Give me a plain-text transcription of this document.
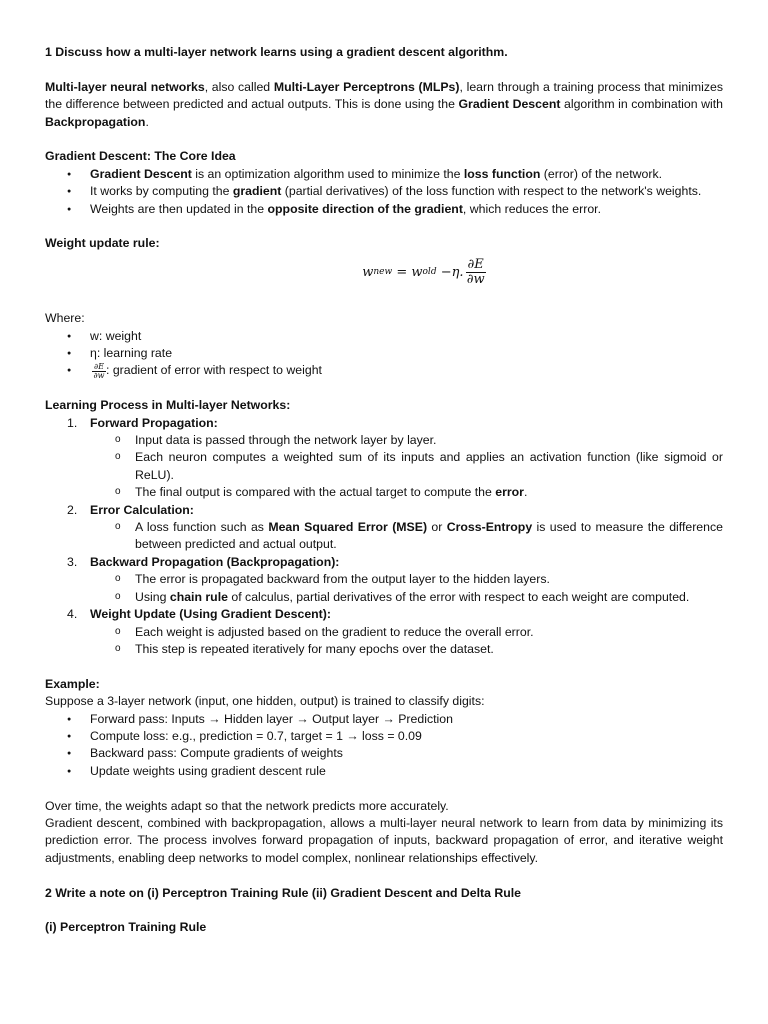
1 Discuss how a multi-layer network learns using a gradient descent algorithm.

Multi-layer neural networks, also called Multi-Layer Perceptrons (MLPs), learn through a training process that minimizes the difference between predicted and actual outputs. This is done using the Gradient Descent algorithm in combination with Backpropagation.

Gradient Descent: The Core Idea

● Gradient Descent is an optimization algorithm used to minimize the loss function (error) of the network.
● It works by computing the gradient (partial derivatives) of the loss function with respect to the network's weights.
● Weights are then updated in the opposite direction of the gradient, which reduces the error.

Weight update rule:

w new
=
w old
−η. $\frac{\partial E}{\partial w}$

Where:

● w: weight
● η: learning rate
● $\frac{\partial E}{\partial w}$ : gradient of error with respect to weight

Learning Process in Multi-layer Networks:

1. Forward Propagation:
o Input data is passed through the network layer by layer.
o Each neuron computes a weighted sum of its inputs and applies an activation function (like sigmoid or ReLU).
o The final output is compared with the actual target to compute the error.
2. Error Calculation:
o A loss function such as Mean Squared Error (MSE) or Cross-Entropy is used to measure the difference between predicted and actual output.
3. Backward Propagation (Backpropagation):
o The error is propagated backward from the output layer to the hidden layers.
o Using chain rule of calculus, partial derivatives of the error with respect to each weight are computed.
4. Weight Update (Using Gradient Descent):
o Each weight is adjusted based on the gradient to reduce the overall error.
o This step is repeated iteratively for many epochs over the dataset.

Example:

Suppose a 3-layer network (input, one hidden, output) is trained to classify digits:

● Forward pass: Inputs → Hidden layer → Output layer → Prediction
● Compute loss: e.g., prediction = 0.7, target = 1 → loss = 0.09
● Backward pass: Compute gradients of weights
● Update weights using gradient descent rule

Over time, the weights adapt so that the network predicts more accurately.

Gradient descent, combined with backpropagation, allows a multi-layer neural network to learn from data by minimizing its prediction error. The process involves forward propagation of inputs, backward propagation of error, and iterative weight adjustments, enabling deep networks to model complex, nonlinear relationships effectively.

2 Write a note on (i) Perceptron Training Rule (ii) Gradient Descent and Delta Rule

(i) Perceptron Training Rule
